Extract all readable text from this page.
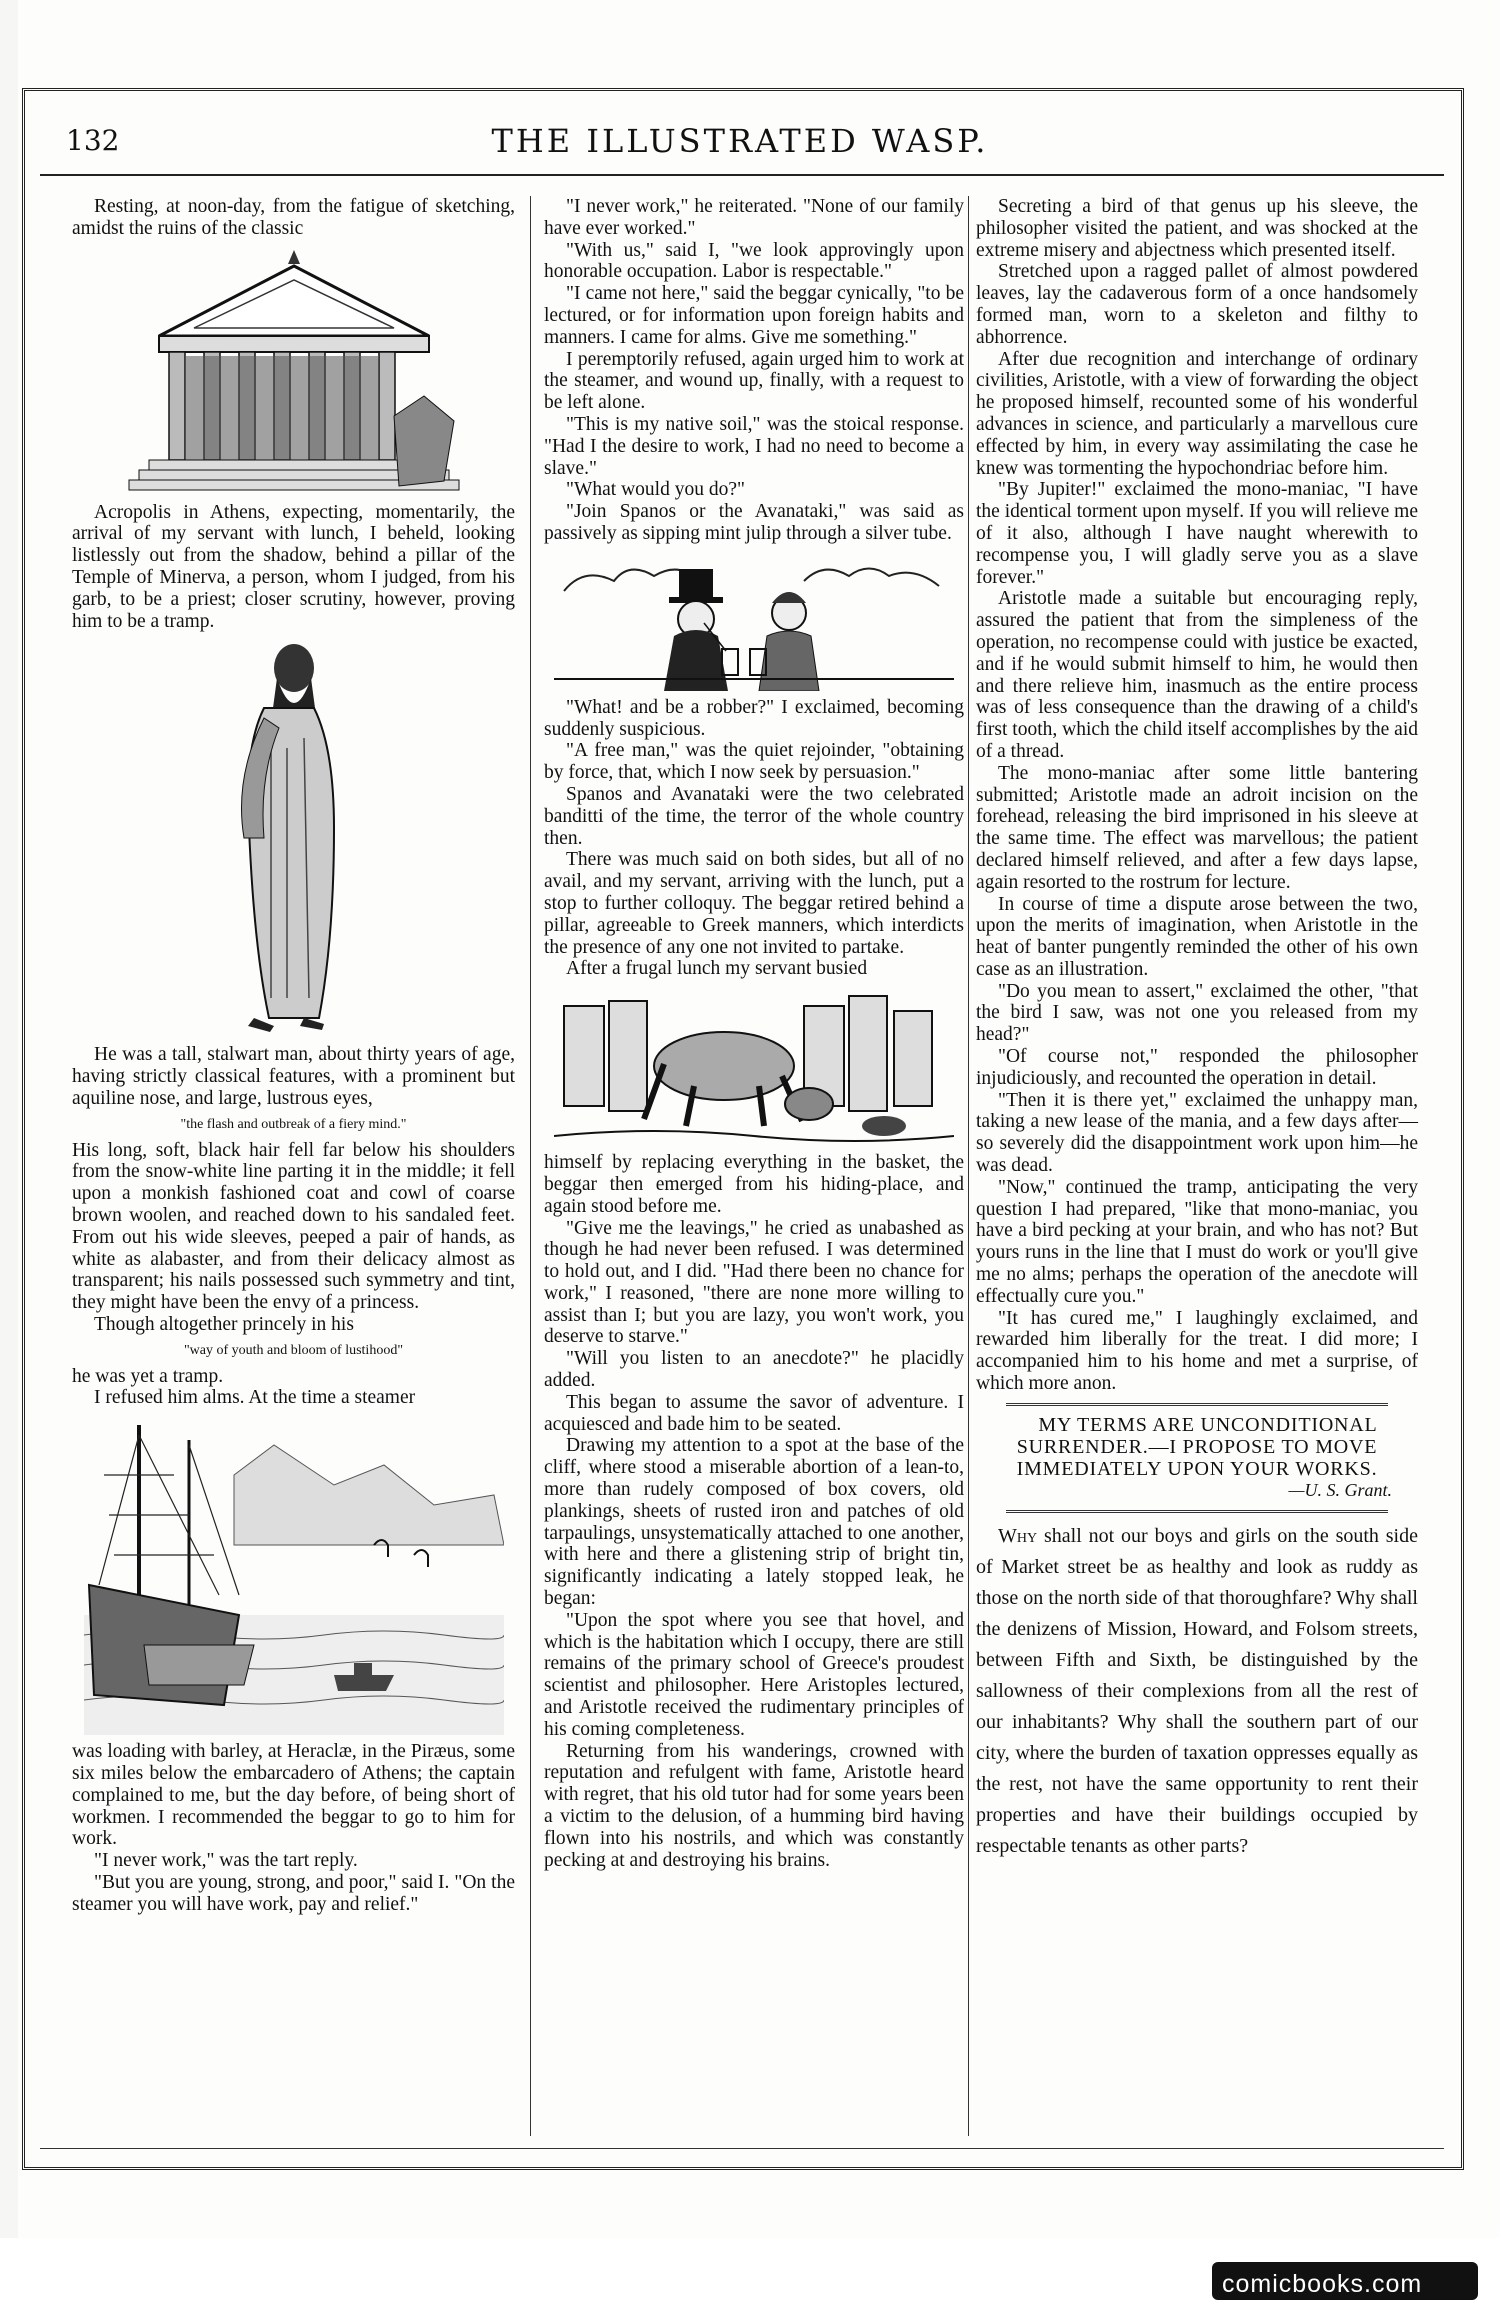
132	THE ILLUSTRATED WASP.

Resting, at noon-day, from the fatigue of sketching, amidst the ruins of the classic

Acropolis in Athens, expecting, momentarily, the arrival of my servant with lunch, I beheld, looking listlessly out from the shadow, behind a pillar of the Temple of Minerva, a person, whom I judged, from his garb, to be a priest; closer scrutiny, however, proving him to be a tramp.

He was a tall, stalwart man, about thirty years of age, having strictly classical features, with a prominent but aquiline nose, and large, lustrous eyes,

"the flash and outbreak of a fiery mind."

His long, soft, black hair fell far below his shoulders from the snow-white line parting it in the middle; it fell upon a monkish fashioned coat and cowl of coarse brown woolen, and reached down to his sandaled feet. From out his wide sleeves, peeped a pair of hands, as white as alabaster, and from their delicacy almost as transparent; his nails possessed such symmetry and tint, they might have been the envy of a princess.

Though altogether princely in his

"way of youth and bloom of lustihood"

he was yet a tramp.

I refused him alms. At the time a steamer

was loading with barley, at Heraclæ, in the Piræus, some six miles below the embarcadero of Athens; the captain complained to me, but the day before, of being short of workmen. I recommended the beggar to go to him for work.

"I never work," was the tart reply.

"But you are young, strong, and poor," said I. "On the steamer you will have work, pay and relief."

"I never work," he reiterated. "None of our family have ever worked."

"With us," said I, "we look approvingly upon honorable occupation. Labor is respectable."

"I came not here," said the beggar cynically, "to be lectured, or for information upon foreign habits and manners. I came for alms. Give me something."

I peremptorily refused, again urged him to work at the steamer, and wound up, finally, with a request to be left alone.

"This is my native soil," was the stoical response. "Had I the desire to work, I had no need to become a slave."

"What would you do?"

"Join Spanos or the Avanataki," was said as passively as sipping mint julip through a silver tube.

"What! and be a robber?" I exclaimed, becoming suddenly suspicious.

"A free man," was the quiet rejoinder, "obtaining by force, that, which I now seek by persuasion."

Spanos and Avanataki were the two celebrated banditti of the time, the terror of the whole country then.

There was much said on both sides, but all of no avail, and my servant, arriving with the lunch, put a stop to further colloquy. The beggar retired behind a pillar, agreeable to Greek manners, which interdicts the presence of any one not invited to partake.

After a frugal lunch my servant busied

himself by replacing everything in the basket, the beggar then emerged from his hiding-place, and again stood before me.

"Give me the leavings," he cried as unabashed as though he had never been refused. I was determined to hold out, and I did. "Had there been no chance for work," I reasoned, "there are none more willing to assist than I; but you are lazy, you won't work, you deserve to starve."

"Will you listen to an anecdote?" he placidly added.

This began to assume the savor of adventure. I acquiesced and bade him to be seated.

Drawing my attention to a spot at the base of the cliff, where stood a miserable abortion of a lean-to, more than rudely composed of box covers, old plankings, sheets of rusted iron and patches of old tarpaulings, unsystematically attached to one another, with here and there a glistening strip of bright tin, significantly indicating a lately stopped leak, he began:

"Upon the spot where you see that hovel, and which is the habitation which I occupy, there are still remains of the primary school of Greece's proudest scientist and philosopher. Here Aristoples lectured, and Aristotle received the rudimentary principles of his coming completeness.

Returning from his wanderings, crowned with reputation and refulgent with fame, Aristotle heard with regret, that his old tutor had for some years been a victim to the delusion, of a humming bird having flown into his nostrils, and which was constantly pecking at and destroying his brains.

Secreting a bird of that genus up his sleeve, the philosopher visited the patient, and was shocked at the extreme misery and abjectness which presented itself.

Stretched upon a ragged pallet of almost powdered leaves, lay the cadaverous form of a once handsomely formed man, worn to a skeleton and filthy to abhorrence.

After due recognition and interchange of ordinary civilities, Aristotle, with a view of forwarding the object he proposed himself, recounted some of his wonderful advances in science, and particularly a marvellous cure effected by him, in every way assimilating the case he knew was tormenting the hypochondriac before him.

"By Jupiter!" exclaimed the mono-maniac, "I have the identical torment upon myself. If you will relieve me of it also, although I have naught wherewith to recompense you, I will gladly serve you as a slave forever."

Aristotle made a suitable but encouraging reply, assured the patient that from the simpleness of the operation, no recompense could with justice be exacted, and if he would submit himself to him, he would then and there relieve him, inasmuch as the entire process was of less consequence than the drawing of a child's first tooth, which the child itself accomplishes by the aid of a thread.

The mono-maniac after some little bantering submitted; Aristotle made an adroit incision on the forehead, releasing the bird imprisoned in his sleeve at the same time. The effect was marvellous; the patient declared himself relieved, and after a few days lapse, again resorted to the rostrum for lecture.

In course of time a dispute arose between the two, upon the merits of imagination, when Aristotle in the heat of banter pungently reminded the other of his own case as an illustration.

"Do you mean to assert," exclaimed the other, "that the bird I saw, was not one you released from my head?"

"Of course not," responded the philosopher injudiciously, and recounted the operation in detail.

"Then it is there yet," exclaimed the unhappy man, taking a new lease of the mania, and a few days after—so severely did the disappointment work upon him—he was dead.

"Now," continued the tramp, anticipating the very question I had prepared, "like that mono-maniac, you have a bird pecking at your brain, and who has not? But yours runs in the line that I must do work or you'll give me no alms; perhaps the operation of the anecdote will effectually cure you."

"It has cured me," I laughingly exclaimed, and rewarded him liberally for the treat. I did more; I accompanied him to his home and met a surprise, of which more anon.

MY TERMS ARE UNCONDITIONAL SURRENDER.—I PROPOSE TO MOVE IMMEDIATELY UPON YOUR WORKS.

—U. S. Grant.

Why shall not our boys and girls on the south side of Market street be as healthy and look as ruddy as those on the north side of that thoroughfare? Why shall the denizens of Mission, Howard, and Folsom streets, between Fifth and Sixth, be distinguished by the sallowness of their complexions from all the rest of our inhabitants? Why shall the southern part of our city, where the burden of taxation oppresses equally as the rest, not have the same opportunity to rent their properties and have their buildings occupied by respectable tenants as other parts?

comicbooks.com
